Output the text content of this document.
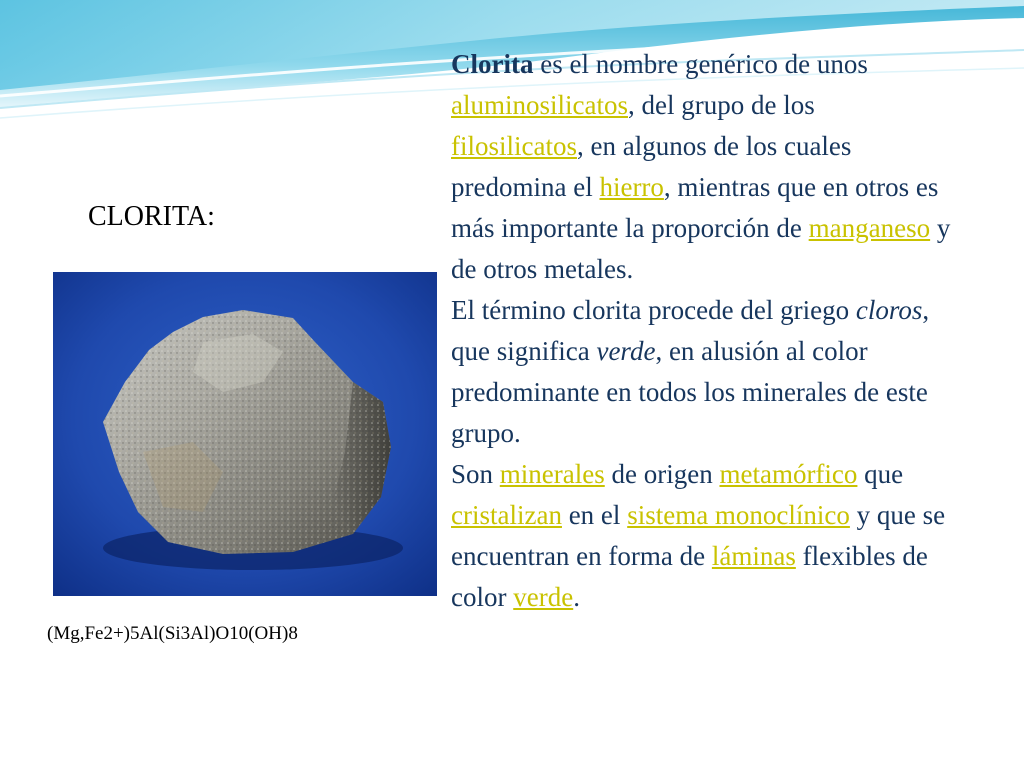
CLORITA:
(Mg,Fe2+)5Al(Si3Al)O10(OH)8

Clorita es el nombre genérico de unos aluminosilicatos, del grupo de los filosilicatos, en algunos de los cuales predomina el hierro, mientras que en otros es más importante la proporción de manganeso y de otros metales.

El término clorita procede del griego cloros, que significa verde, en alusión al color predominante en todos los minerales de este grupo.

Son minerales de origen metamórfico que cristalizan en el sistema monoclínico y que se encuentran en forma de láminas flexibles de color verde.
